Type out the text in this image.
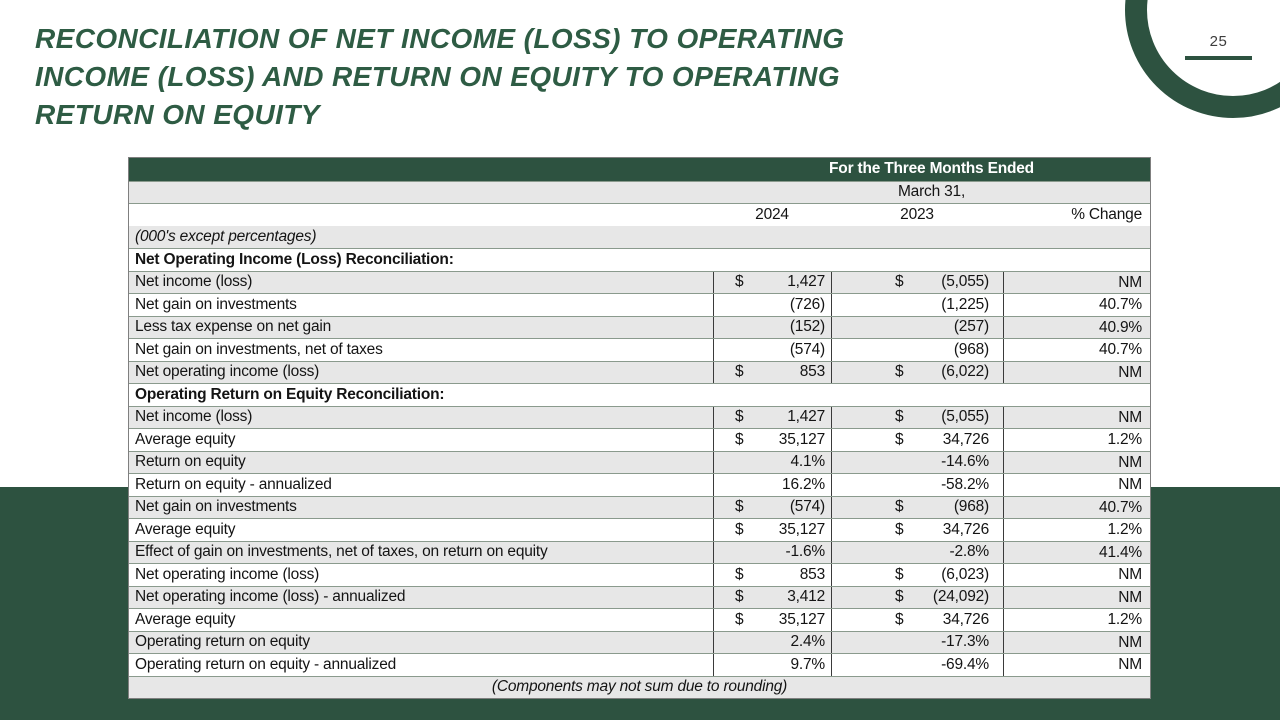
25
RECONCILIATION OF NET INCOME (LOSS) TO OPERATING
INCOME (LOSS) AND RETURN ON EQUITY TO OPERATING
RETURN ON EQUITY
For the Three Months Ended
March 31,
2024	2023	% Change
(000's except percentages)
Net Operating Income (Loss) Reconciliation:
Net income (loss)	$	1,427	$	(5,055)	NM
Net gain on investments	(726)	(1,225)	40.7%
Less tax expense on net gain	(152)	(257)	40.9%
Net gain on investments, net of taxes	(574)	(968)	40.7%
Net operating income (loss)	$	853	$	(6,022)	NM
Operating Return on Equity Reconciliation:
Net income (loss)	$	1,427	$	(5,055)	NM
Average equity	$	35,127	$	34,726	1.2%
Return on equity	4.1%	-14.6%	NM
Return on equity - annualized	16.2%	-58.2%	NM
Net gain on investments	$	(574)	$	(968)	40.7%
Average equity	$	35,127	$	34,726	1.2%
Effect of gain on investments, net of taxes, on return on equity	-1.6%	-2.8%	41.4%
Net operating income (loss)	$	853	$	(6,023)	NM
Net operating income (loss) - annualized	$	3,412	$	(24,092)	NM
Average equity	$	35,127	$	34,726	1.2%
Operating return on equity	2.4%	-17.3%	NM
Operating return on equity - annualized	9.7%	-69.4%	NM
(Components may not sum due to rounding)
